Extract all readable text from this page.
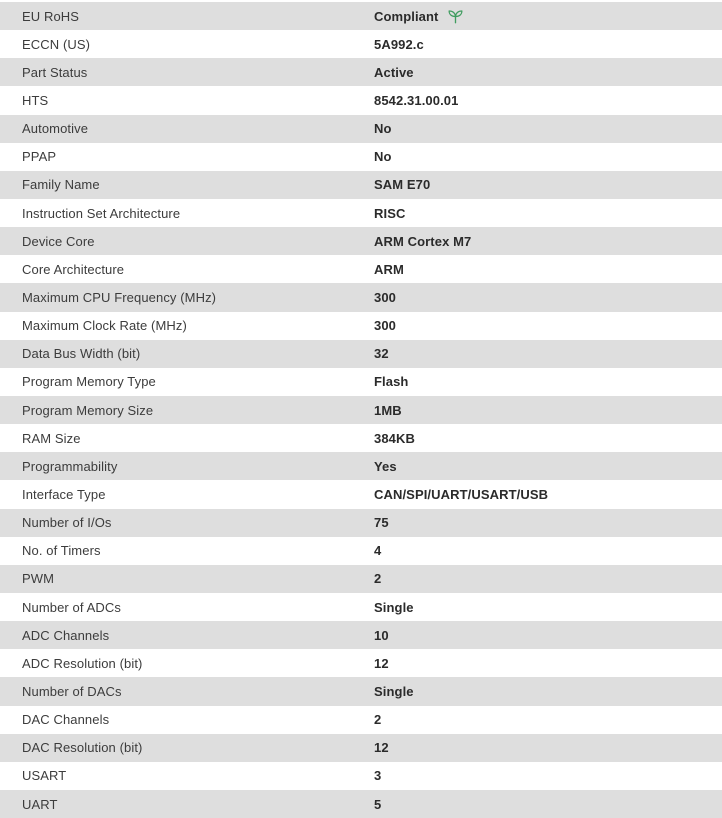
EU RoHS	Compliant
ECCN (US)	5A992.c
Part Status	Active
HTS	8542.31.00.01
Automotive	No
PPAP	No
Family Name	SAM E70
Instruction Set Architecture	RISC
Device Core	ARM Cortex M7
Core Architecture	ARM
Maximum CPU Frequency (MHz)	300
Maximum Clock Rate (MHz)	300
Data Bus Width (bit)	32
Program Memory Type	Flash
Program Memory Size	1MB
RAM Size	384KB
Programmability	Yes
Interface Type	CAN/SPI/UART/USART/USB
Number of I/Os	75
No. of Timers	4
PWM	2
Number of ADCs	Single
ADC Channels	10
ADC Resolution (bit)	12
Number of DACs	Single
DAC Channels	2
DAC Resolution (bit)	12
USART	3
UART	5
